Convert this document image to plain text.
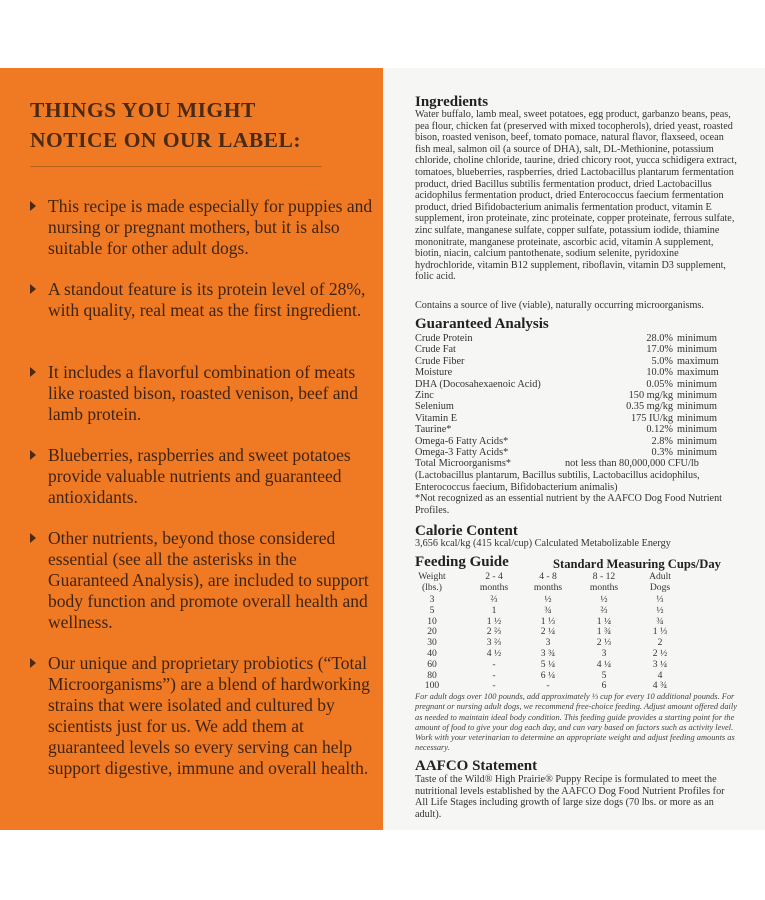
THINGS YOU MIGHT
NOTICE ON OUR LABEL:
This recipe is made especially for puppies and nursing or pregnant mothers, but it is also suitable for other adult dogs.
A standout feature is its protein level of 28%, with quality, real meat as the first ingredient.
It includes a flavorful combination of meats like roasted bison, roasted venison, beef and lamb protein.
Blueberries, raspberries and sweet potatoes provide valuable nutrients and guaranteed antioxidants.
Other nutrients, beyond those considered essential (see all the asterisks in the Guaranteed Analysis), are included to support body function and promote overall health and wellness.
Our unique and proprietary probiotics (“Total Microorganisms”) are a blend of hardworking strains that were isolated and cultured by scientists just for us. We add them at guaranteed levels so every serving can help support digestive, immune and overall health.
Ingredients
Water buffalo, lamb meal, sweet potatoes, egg product, garbanzo beans, peas, pea flour, chicken fat (preserved with mixed tocopherols), dried yeast, roasted bison, roasted venison, beef, tomato pomace, natural flavor, flaxseed, ocean fish meal, salmon oil (a source of DHA), salt, DL-Methionine, potassium chloride, choline chloride, taurine, dried chicory root, yucca schidigera extract, tomatoes, blueberries, raspberries, dried Lactobacillus plantarum fermentation product, dried Bacillus subtilis fermentation product, dried Lactobacillus acidophilus fermentation product, dried Enterococcus faecium fermentation product, dried Bifidobacterium animalis fermentation product, vitamin E supplement, iron proteinate, zinc proteinate, copper proteinate, ferrous sulfate, zinc sulfate, manganese sulfate, copper sulfate, potassium iodide, thiamine mononitrate, manganese proteinate, ascorbic acid, vitamin A supplement, biotin, niacin, calcium pantothenate, sodium selenite, pyridoxine hydrochloride, vitamin B12 supplement, riboflavin, vitamin D3 supplement, folic acid.
Contains a source of live (viable), naturally occurring microorganisms.
Guaranteed Analysis
Crude Protein	28.0% minimum
Crude Fat	17.0% minimum
Crude Fiber	5.0% maximum
Moisture	10.0% maximum
DHA (Docosahexaenoic Acid)	0.05% minimum
Zinc	150 mg/kg minimum
Selenium	0.35 mg/kg minimum
Vitamin E	175 IU/kg minimum
Taurine*	0.12% minimum
Omega-6 Fatty Acids*	2.8% minimum
Omega-3 Fatty Acids*	0.3% minimum
Total Microorganisms*	not less than 80,000,000 CFU/lb
(Lactobacillus plantarum, Bacillus subtilis, Lactobacillus acidophilus, Enterococcus faecium, Bifidobacterium animalis)
*Not recognized as an essential nutrient by the AAFCO Dog Food Nutrient Profiles.
Calorie Content
3,656 kcal/kg (415 kcal/cup) Calculated Metabolizable Energy
Feeding Guide	Standard Measuring Cups/Day
Weight	2 - 4	4 - 8	8 - 12	Adult
(lbs.)	months	months	months	Dogs
3	⅔	½	½	⅓
5	1	¾	⅔	½
10	1 ½	1 ⅓	1 ¼	¾
20	2 ⅔	2 ¼	1 ¾	1 ⅓
30	3 ⅔	3	2 ⅓	2
40	4 ½	3 ¾	3	2 ½
60	-	5 ¼	4 ¼	3 ¼
80	-	6 ¼	5	4
100	-	-	6	4 ¾
For adult dogs over 100 pounds, add approximately ⅓ cup for every 10 additional pounds. For pregnant or nursing adult dogs, we recommend free-choice feeding. Adjust amount offered daily as needed to maintain ideal body condition. This feeding guide provides a starting point for the amount of food to give your dog each day, and can vary based on factors such as activity level. Work with your veterinarian to determine an appropriate weight and adjust feeding amounts as necessary.
AAFCO Statement
Taste of the Wild® High Prairie® Puppy Recipe is formulated to meet the nutritional levels established by the AAFCO Dog Food Nutrient Profiles for All Life Stages including growth of large size dogs (70 lbs. or more as an adult).
